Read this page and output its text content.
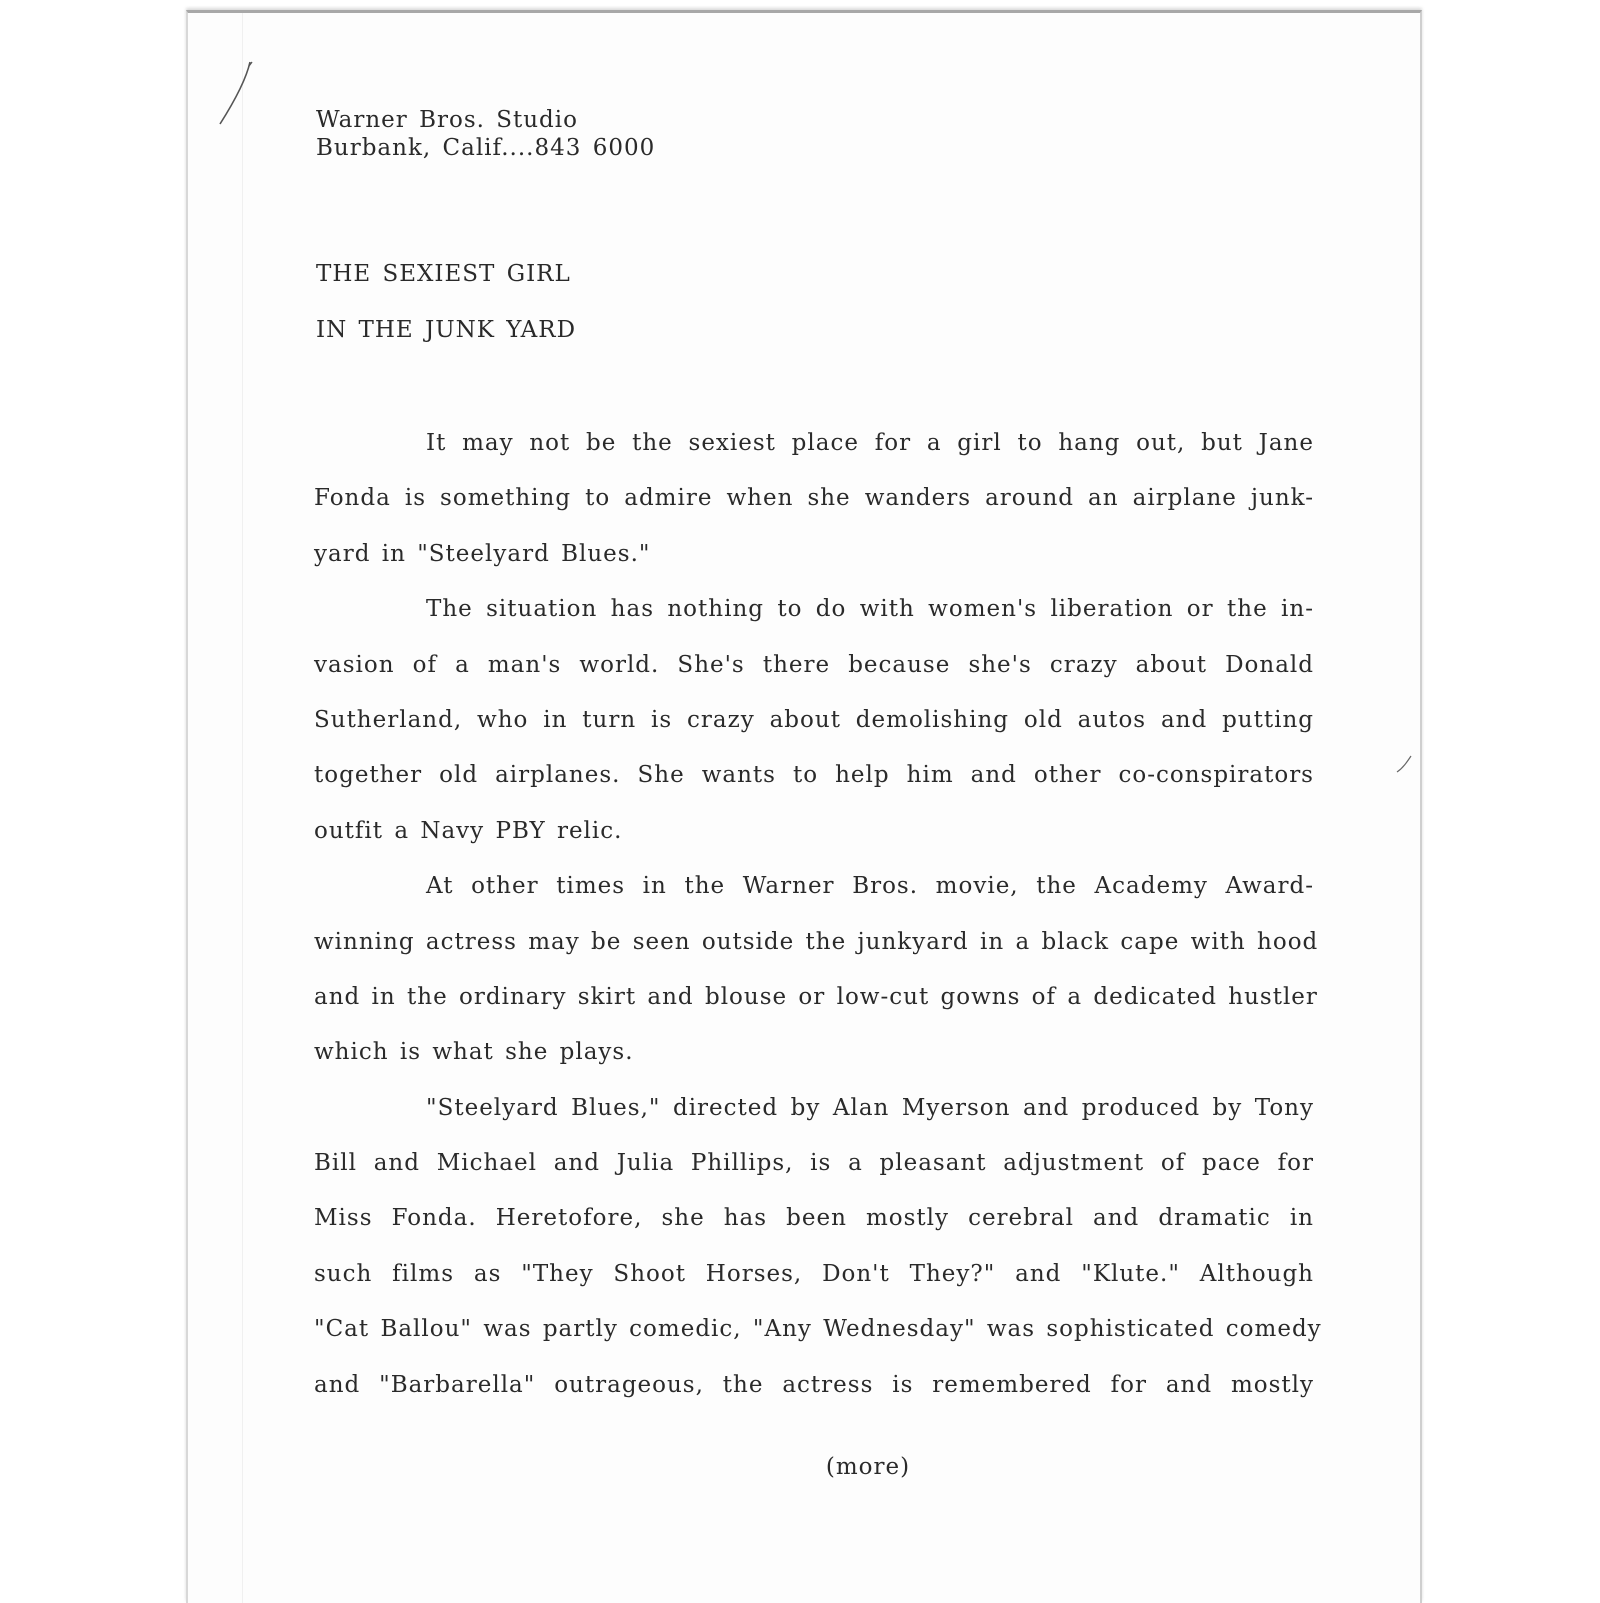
Warner Bros. Studio
Burbank, Calif....843 6000
THE SEXIEST GIRL
IN THE JUNK YARD
It may not be the sexiest place for a girl to hang out, but Jane
Fonda is something to admire when she wanders around an airplane junk-
yard in "Steelyard Blues."
The situation has nothing to do with women's liberation or the in-
vasion of a man's world. She's there because she's crazy about Donald
Sutherland, who in turn is crazy about demolishing old autos and putting
together old airplanes. She wants to help him and other co-conspirators
outfit a Navy PBY relic.
At other times in the Warner Bros. movie, the Academy Award-
winning actress may be seen outside the junkyard in a black cape with hood
and in the ordinary skirt and blouse or low-cut gowns of a dedicated hustler
which is what she plays.
"Steelyard Blues," directed by Alan Myerson and produced by Tony
Bill and Michael and Julia Phillips, is a pleasant adjustment of pace for
Miss Fonda. Heretofore, she has been mostly cerebral and dramatic in
such films as "They Shoot Horses, Don't They?" and "Klute." Although
"Cat Ballou" was partly comedic, "Any Wednesday" was sophisticated comedy
and "Barbarella" outrageous, the actress is remembered for and mostly
(more)
